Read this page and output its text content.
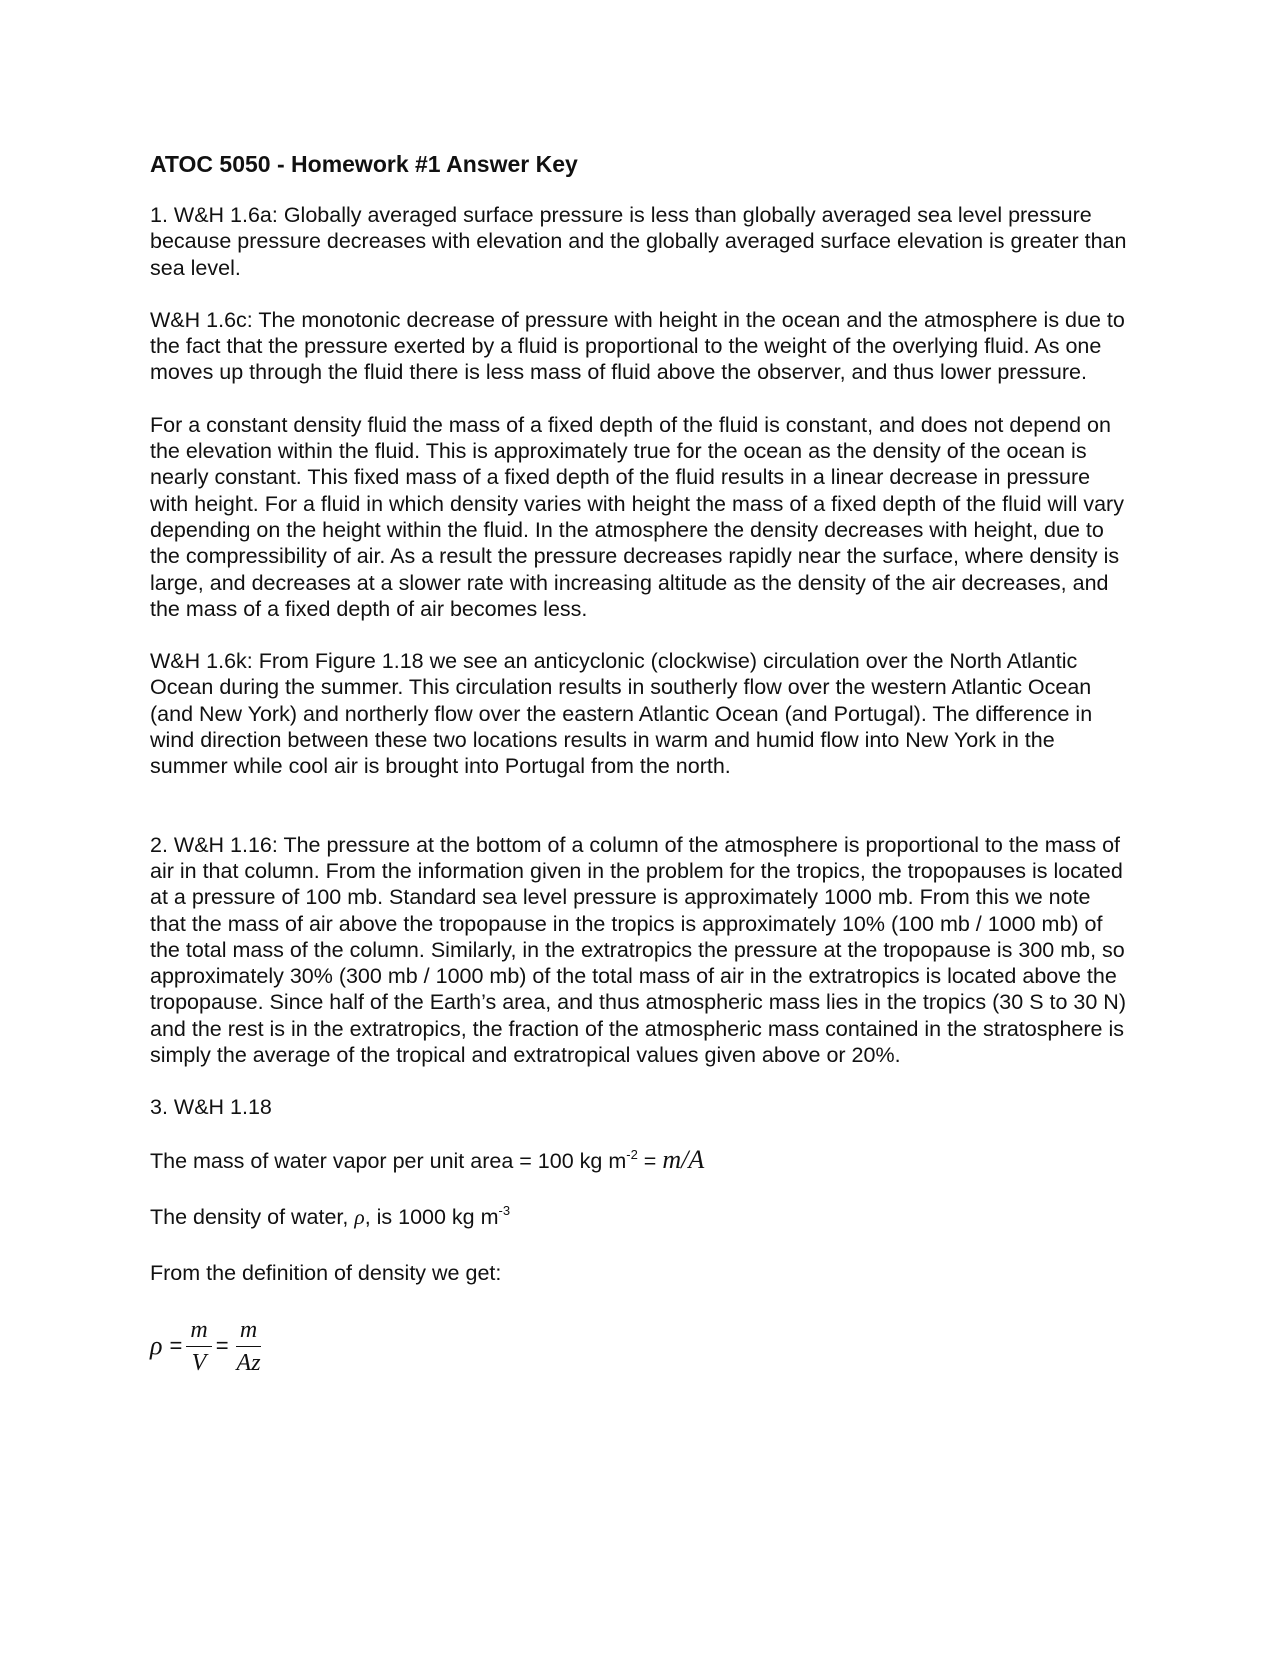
ATOC 5050 - Homework #1 Answer Key

1. W&H 1.6a: Globally averaged surface pressure is less than globally averaged sea level pressure because pressure decreases with elevation and the globally averaged surface elevation is greater than sea level.

W&H 1.6c: The monotonic decrease of pressure with height in the ocean and the atmosphere is due to the fact that the pressure exerted by a fluid is proportional to the weight of the overlying fluid. As one moves up through the fluid there is less mass of fluid above the observer, and thus lower pressure.

For a constant density fluid the mass of a fixed depth of the fluid is constant, and does not depend on the elevation within the fluid. This is approximately true for the ocean as the density of the ocean is nearly constant. This fixed mass of a fixed depth of the fluid results in a linear decrease in pressure with height. For a fluid in which density varies with height the mass of a fixed depth of the fluid will vary depending on the height within the fluid. In the atmosphere the density decreases with height, due to the compressibility of air. As a result the pressure decreases rapidly near the surface, where density is large, and decreases at a slower rate with increasing altitude as the density of the air decreases, and the mass of a fixed depth of air becomes less.

W&H 1.6k: From Figure 1.18 we see an anticyclonic (clockwise) circulation over the North Atlantic Ocean during the summer. This circulation results in southerly flow over the western Atlantic Ocean (and New York) and northerly flow over the eastern Atlantic Ocean (and Portugal). The difference in wind direction between these two locations results in warm and humid flow into New York in the summer while cool air is brought into Portugal from the north.

2. W&H 1.16: The pressure at the bottom of a column of the atmosphere is proportional to the mass of air in that column. From the information given in the problem for the tropics, the tropopauses is located at a pressure of 100 mb. Standard sea level pressure is approximately 1000 mb. From this we note that the mass of air above the tropopause in the tropics is approximately 10% (100 mb / 1000 mb) of the total mass of the column. Similarly, in the extratropics the pressure at the tropopause is 300 mb, so approximately 30% (300 mb / 1000 mb) of the total mass of air in the extratropics is located above the tropopause. Since half of the Earth’s area, and thus atmospheric mass lies in the tropics (30 S to 30 N) and the rest is in the extratropics, the fraction of the atmospheric mass contained in the stratosphere is simply the average of the tropical and extratropical values given above or 20%.

3. W&H 1.18

The mass of water vapor per unit area = 100 kg $m^{-2} = m/A$
The density of water, ρ, is 1000 kg $m^{-3}$
From the definition of density we get:
$\rho = \frac{m}{V} = \frac{m}{Az}$
